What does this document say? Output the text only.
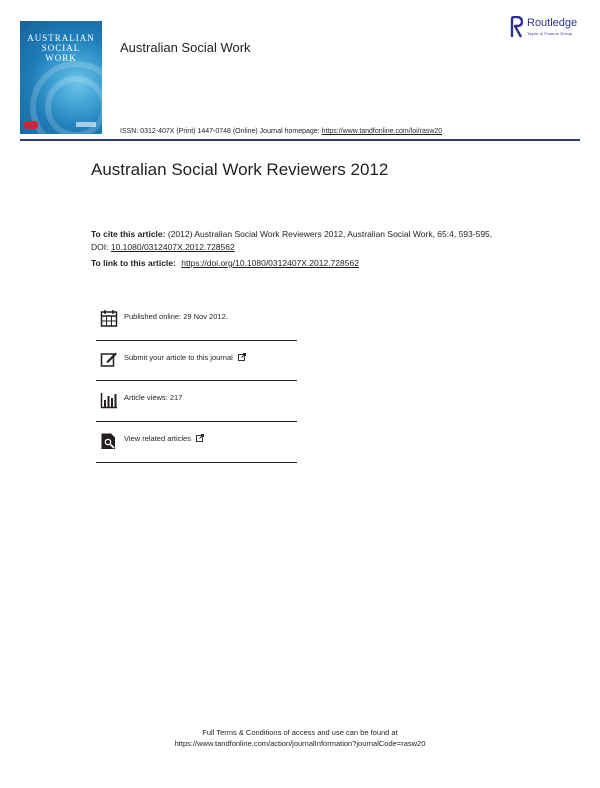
AUSTRALIAN
SOCIAL WORK
Australian Social Work
Routledge
Taylor & Francis Group
ISSN: 0312-407X (Print) 1447-0748 (Online) Journal homepage: https://www.tandfonline.com/loi/rasw20
Australian Social Work Reviewers 2012
To cite this article: (2012) Australian Social Work Reviewers 2012, Australian Social Work, 65:4, 593-595, DOI: 10.1080/0312407X.2012.728562
To link to this article: https://doi.org/10.1080/0312407X.2012.728562
Published online: 29 Nov 2012.
Submit your article to this journal
Article views: 217
View related articles
Full Terms & Conditions of access and use can be found at
https://www.tandfonline.com/action/journalInformation?journalCode=rasw20
